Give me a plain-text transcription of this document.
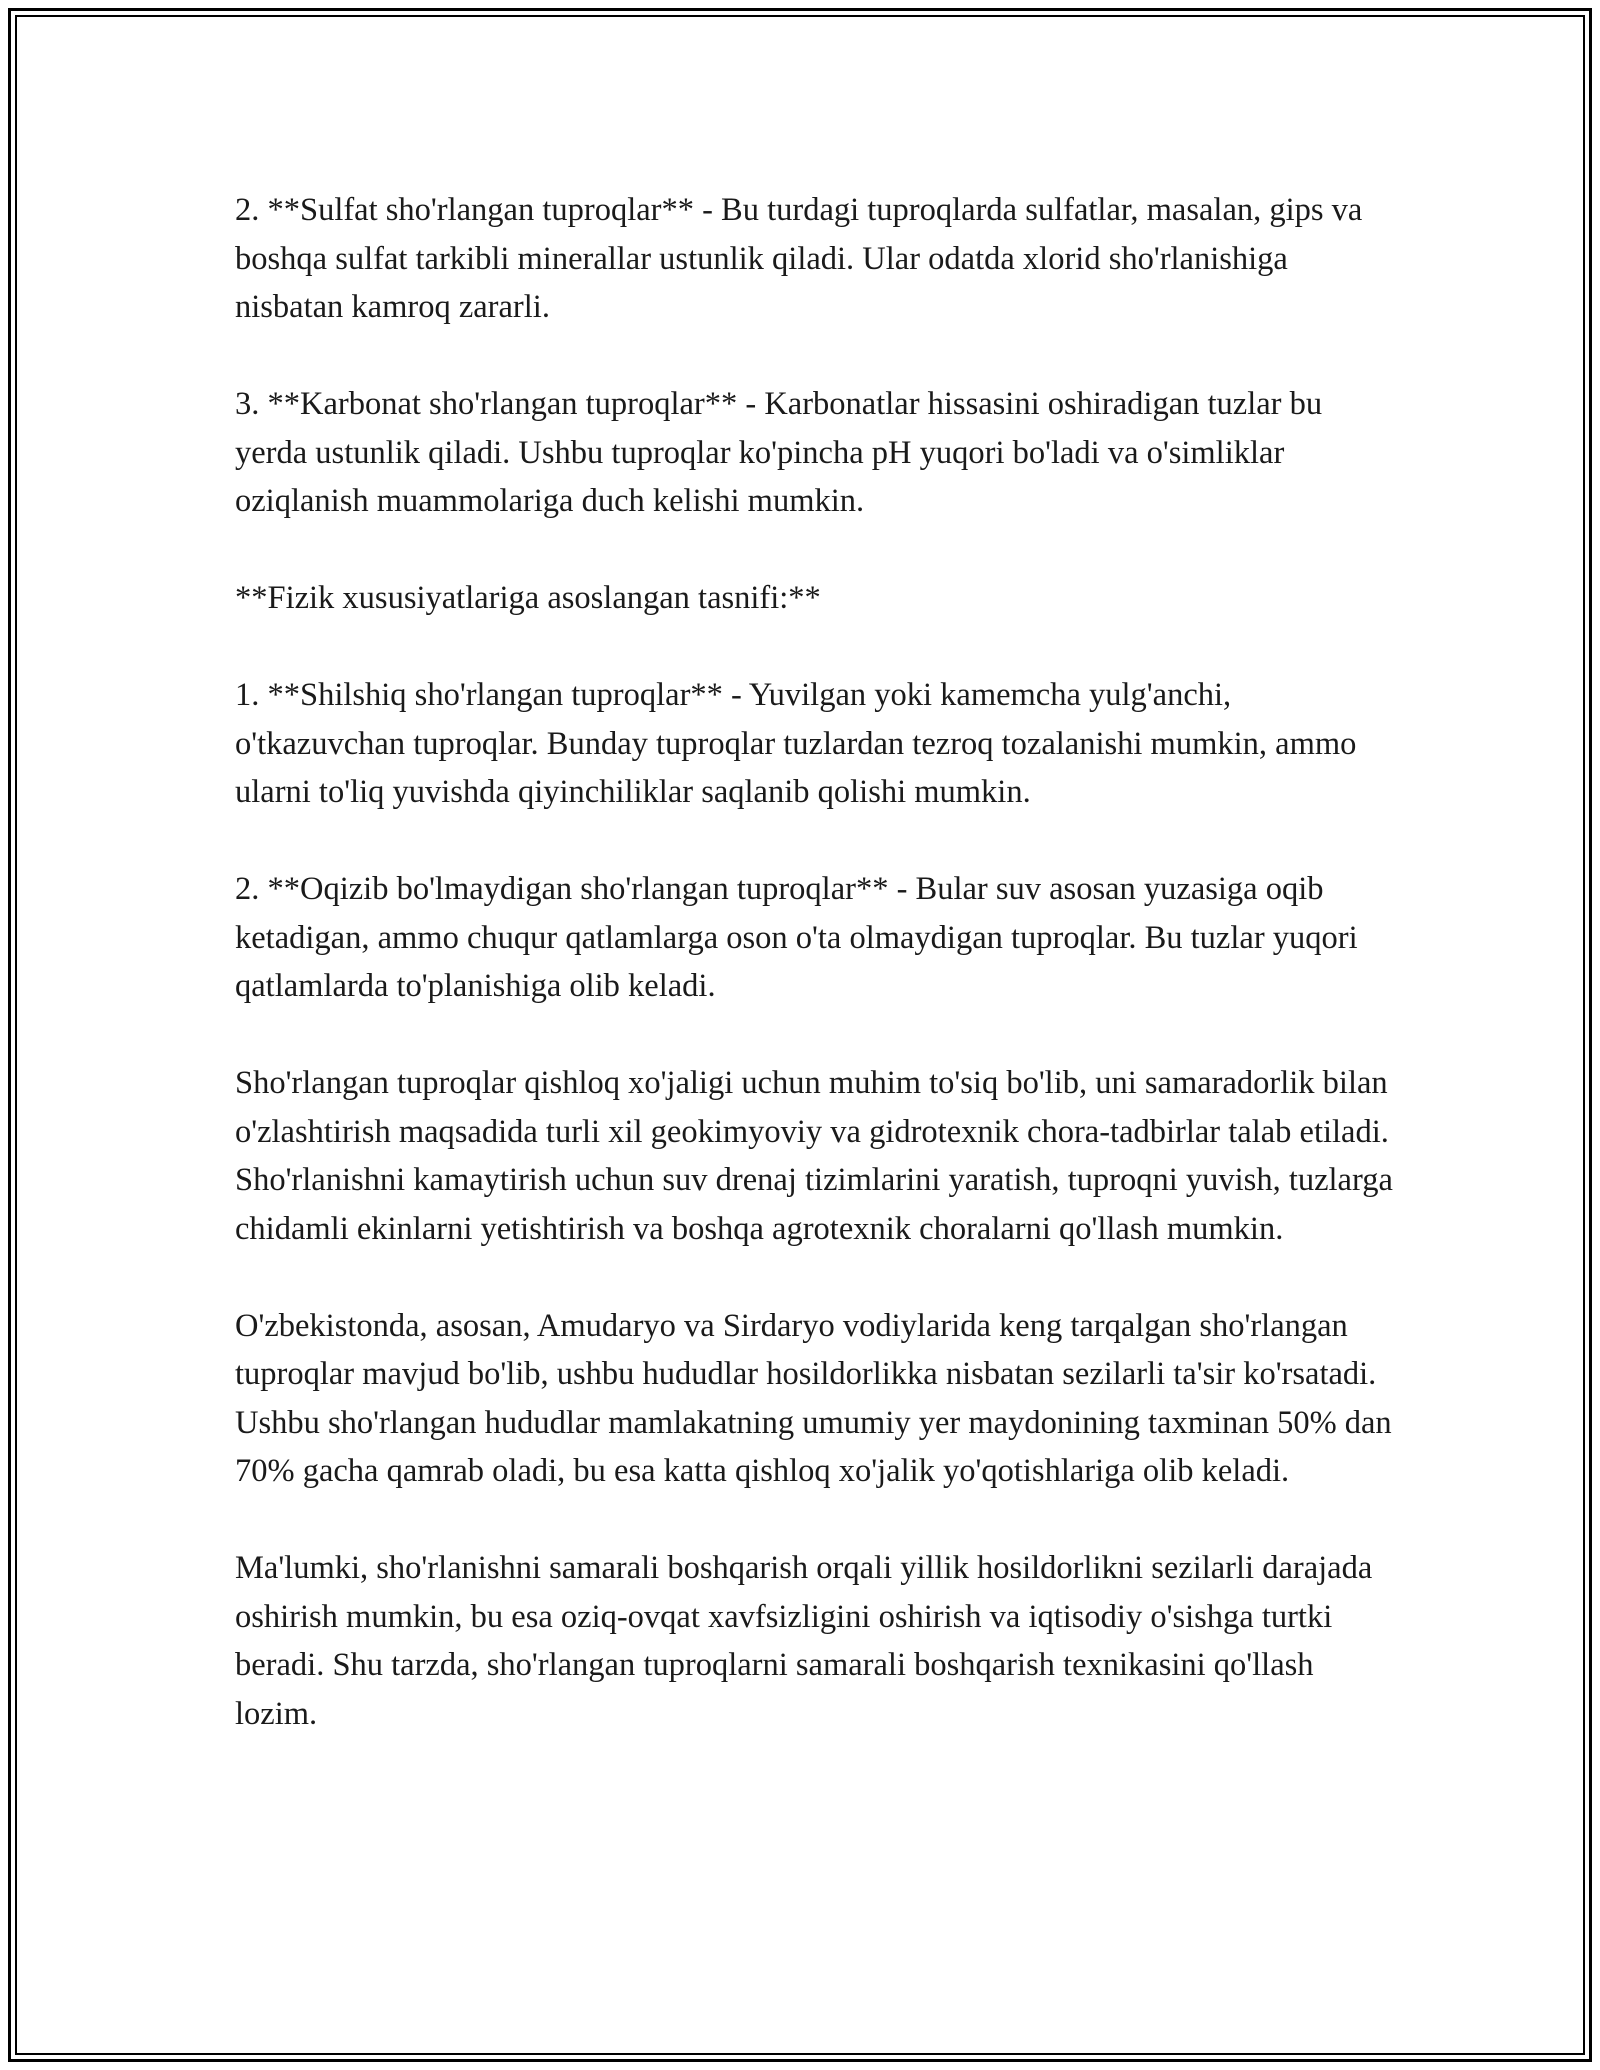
2. **Sulfat sho'rlangan tuproqlar** - Bu turdagi tuproqlarda sulfatlar, masalan, gips va boshqa sulfat tarkibli minerallar ustunlik qiladi. Ular odatda xlorid sho'rlanishiga nisbatan kamroq zararli.

3. **Karbonat sho'rlangan tuproqlar** - Karbonatlar hissasini oshiradigan tuzlar bu yerda ustunlik qiladi. Ushbu tuproqlar ko'pincha pH yuqori bo'ladi va o'simliklar oziqlanish muammolariga duch kelishi mumkin.

**Fizik xususiyatlariga asoslangan tasnifi:**

1. **Shilshiq sho'rlangan tuproqlar** - Yuvilgan yoki kamemcha yulg'anchi, o'tkazuvchan tuproqlar. Bunday tuproqlar tuzlardan tezroq tozalanishi mumkin, ammo ularni to'liq yuvishda qiyinchiliklar saqlanib qolishi mumkin.

2. **Oqizib bo'lmaydigan sho'rlangan tuproqlar** - Bular suv asosan yuzasiga oqib ketadigan, ammo chuqur qatlamlarga oson o'ta olmaydigan tuproqlar. Bu tuzlar yuqori qatlamlarda to'planishiga olib keladi.

Sho'rlangan tuproqlar qishloq xo'jaligi uchun muhim to'siq bo'lib, uni samaradorlik bilan o'zlashtirish maqsadida turli xil geokimyoviy va gidrotexnik chora-tadbirlar talab etiladi. Sho'rlanishni kamaytirish uchun suv drenaj tizimlarini yaratish, tuproqni yuvish, tuzlarga chidamli ekinlarni yetishtirish va boshqa agrotexnik choralarni qo'llash mumkin.

O'zbekistonda, asosan, Amudaryo va Sirdaryo vodiylarida keng tarqalgan sho'rlangan tuproqlar mavjud bo'lib, ushbu hududlar hosildorlikka nisbatan sezilarli ta'sir ko'rsatadi. Ushbu sho'rlangan hududlar mamlakatning umumiy yer maydonining taxminan 50% dan 70% gacha qamrab oladi, bu esa katta qishloq xo'jalik yo'qotishlariga olib keladi.

Ma'lumki, sho'rlanishni samarali boshqarish orqali yillik hosildorlikni sezilarli darajada oshirish mumkin, bu esa oziq-ovqat xavfsizligini oshirish va iqtisodiy o'sishga turtki beradi. Shu tarzda, sho'rlangan tuproqlarni samarali boshqarish texnikasini qo'llash lozim.
